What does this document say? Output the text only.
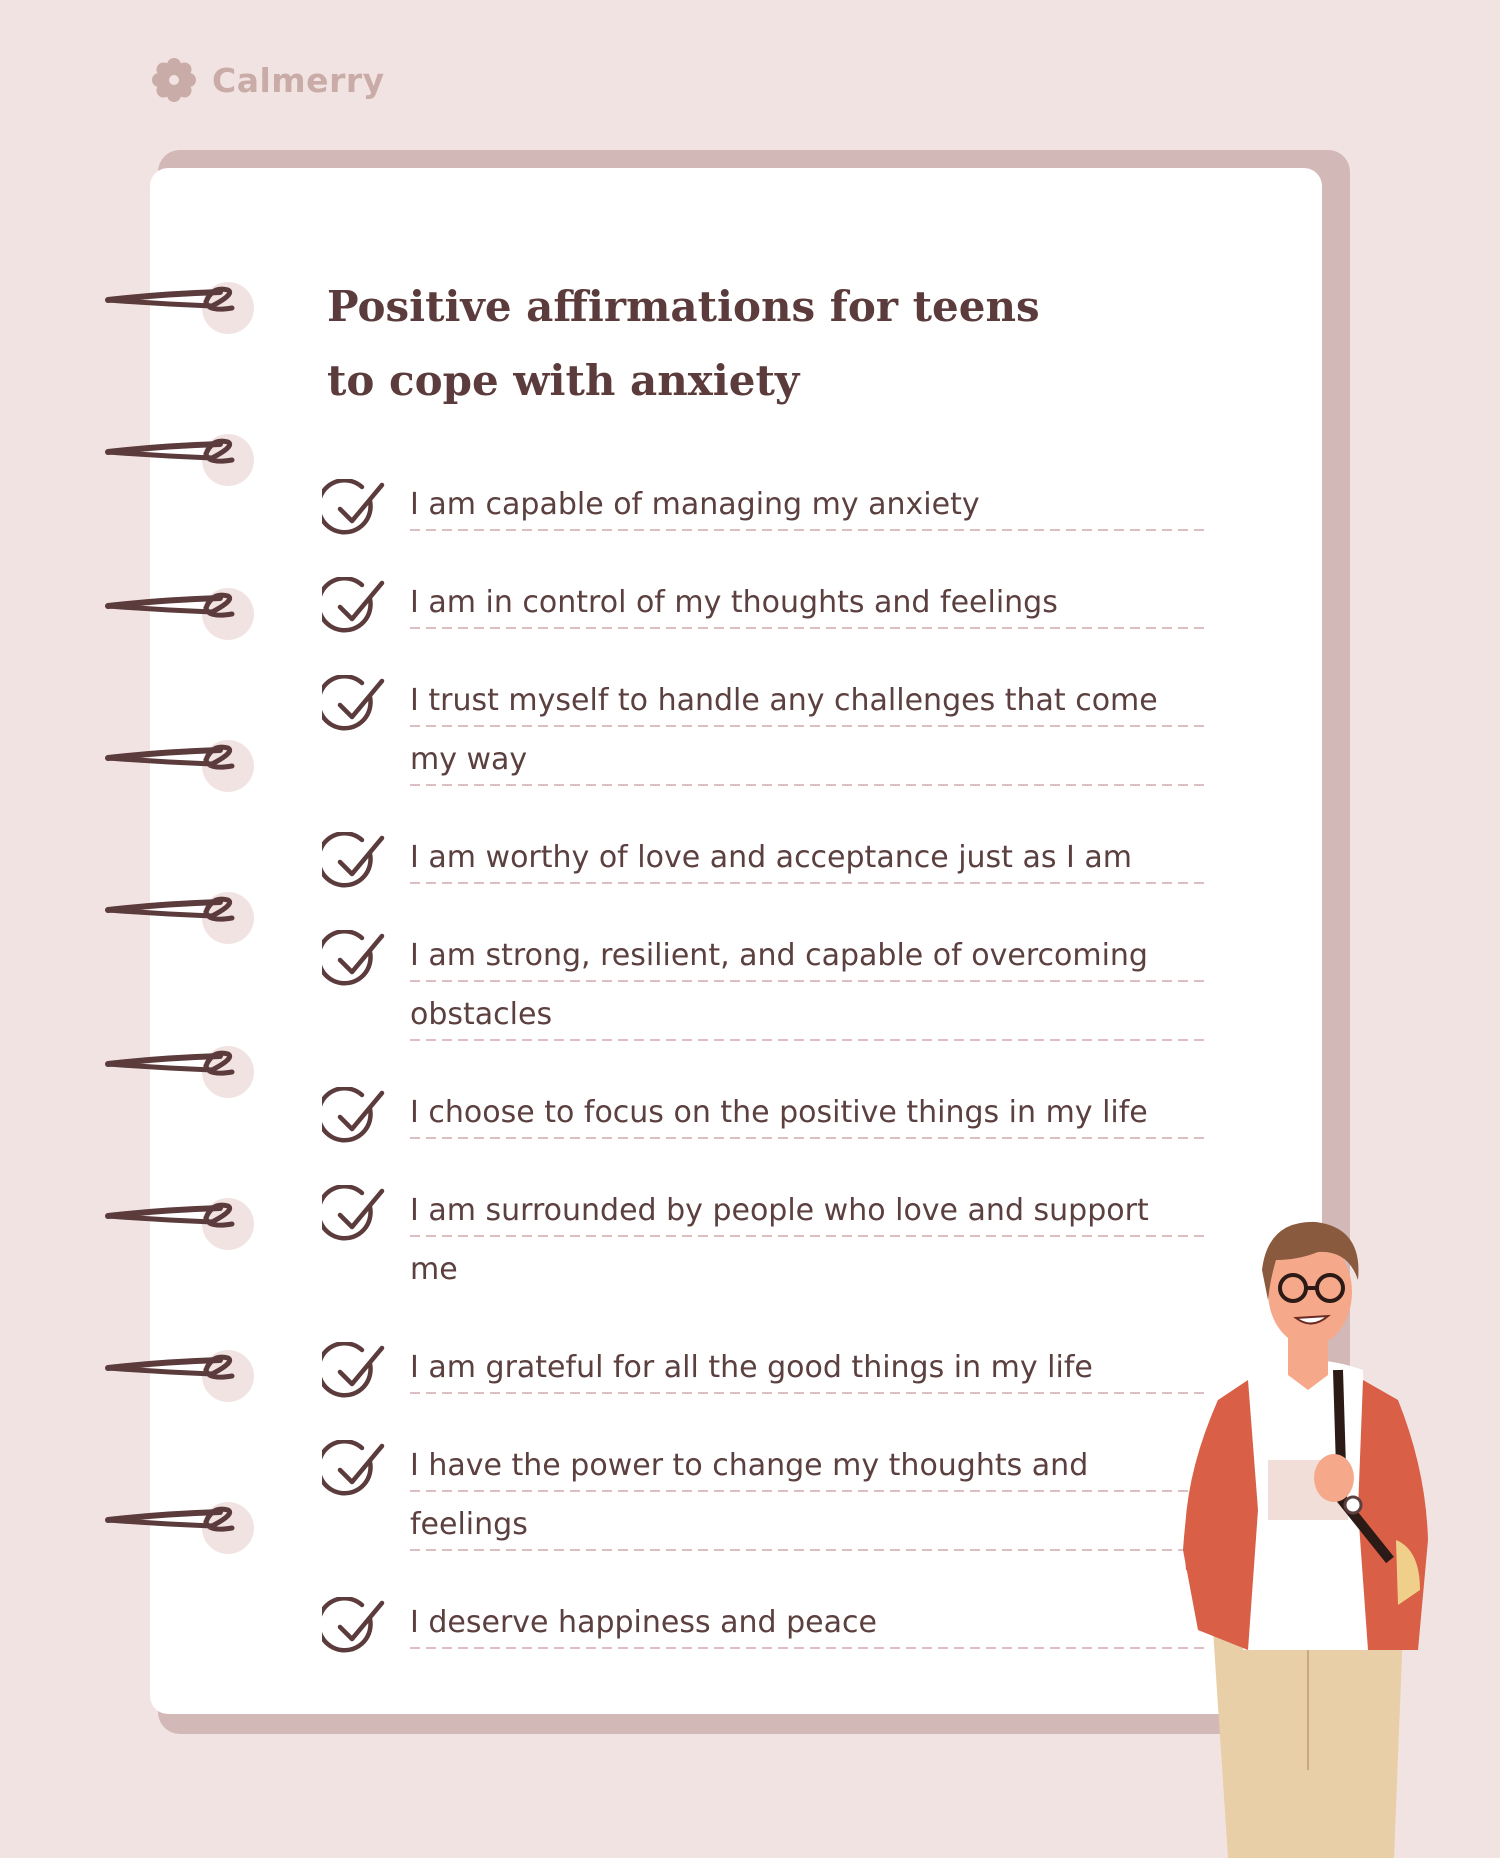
Calmerry
Positive affirmations for teens
to cope with anxiety
I am capable of managing my anxiety
I am in control of my thoughts and feelings
I trust myself to handle any challenges that come my way
I am worthy of love and acceptance just as I am
I am strong, resilient, and capable of overcoming obstacles
I choose to focus on the positive things in my life
I am surrounded by people who love and support me
I am grateful for all the good things in my life
I have the power to change my thoughts and feelings
I deserve happiness and peace
